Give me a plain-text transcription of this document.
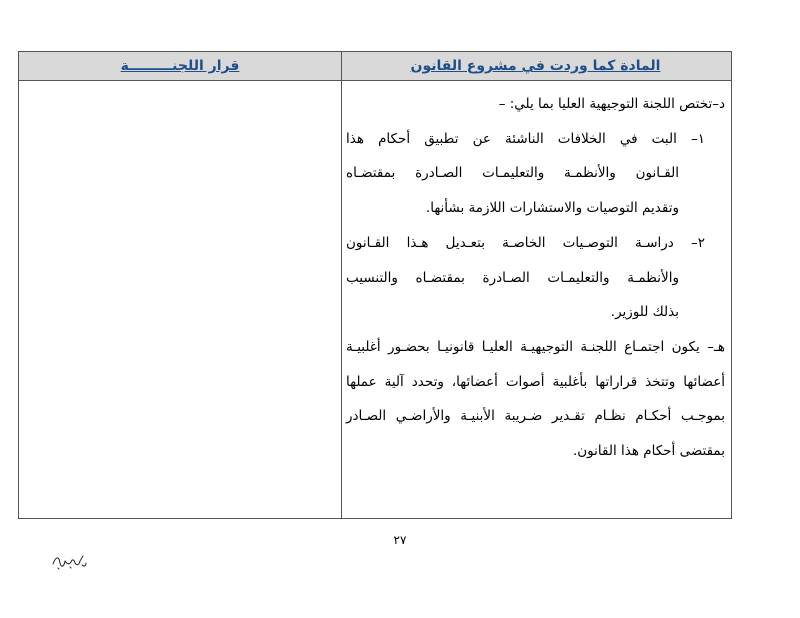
المادة كما وردت في مشروع القانون
قرار اللجنـــــــــة
د–تختص اللجنة التوجيهية العليا بما يلي: –
١– البت في الخلافات الناشئة عن تطبيق أحكام هذا
القـانون والأنظمـة والتعليمـات الصـادرة بمقتضـاه
وتقديم التوصيات والاستشارات اللازمة بشأنها.
٢– دراسـة التوصـيات الخاصـة بتعـديل هـذا القـانون
والأنظمـة والتعليمـات الصـادرة بمقتضـاه والتنسيب
بذلك للوزير.
هـ– يكون اجتمـاع اللجنـة التوجيهيـة العليـا قانونيـا بحضـور أغلبيـة
أعضائها وتتخذ قراراتها بأغلبية أصوات أعضائها، وتحدد آلية عملها
بموجـب أحكـام نظـام تقـدير ضـريبة الأبنيـة والأراضـي الصـادر
بمقتضى أحكام هذا القانون.
٢٧
